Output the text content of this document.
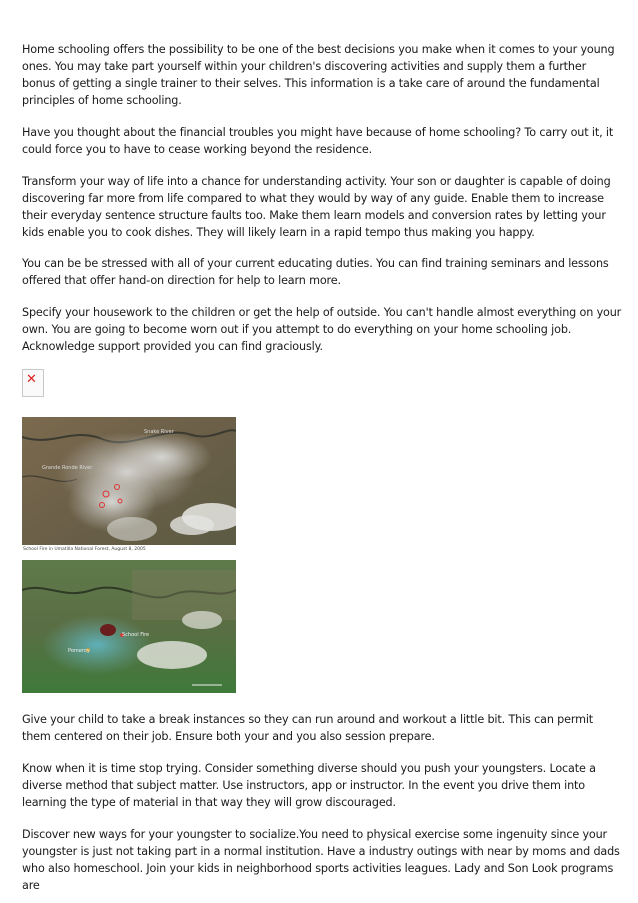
Home schooling offers the possibility to be one of the best decisions you make when it comes to your young ones. You may take part yourself within your children's discovering activities and supply them a further bonus of getting a single trainer to their selves. This information is a take care of around the fundamental principles of home schooling.

Have you thought about the financial troubles you might have because of home schooling? To carry out it, it could force you to have to cease working beyond the residence.

Transform your way of life into a chance for understanding activity. Your son or daughter is capable of doing discovering far more from life compared to what they would by way of any guide. Enable them to increase their everyday sentence structure faults too. Make them learn models and conversion rates by letting your kids enable you to cook dishes. They will likely learn in a rapid tempo thus making you happy.

You can be be stressed with all of your current educating duties. You can find training seminars and lessons offered that offer hand-on direction for help to learn more.

Specify your housework to the children or get the help of outside. You can't handle almost everything on your own. You are going to become worn out if you attempt to do everything on your home schooling job. Acknowledge support provided you can find graciously.

✕
Snake River
Grande Ronde River
School Fire in Umatilla National Forest, August 8, 2005
School Fire
Pomeroy

Give your child to take a break instances so they can run around and workout a little bit. This can permit them centered on their job. Ensure both your and you also session prepare.

Know when it is time stop trying. Consider something diverse should you push your youngsters. Locate a diverse method that subject matter. Use instructors, app or instructor. In the event you drive them into learning the type of material in that way they will grow discouraged.

Discover new ways for your youngster to socialize.You need to physical exercise some ingenuity since your youngster is just not taking part in a normal institution. Have a industry outings with near by moms and dads who also homeschool. Join your kids in neighborhood sports activities leagues. Lady and Son Look programs are
